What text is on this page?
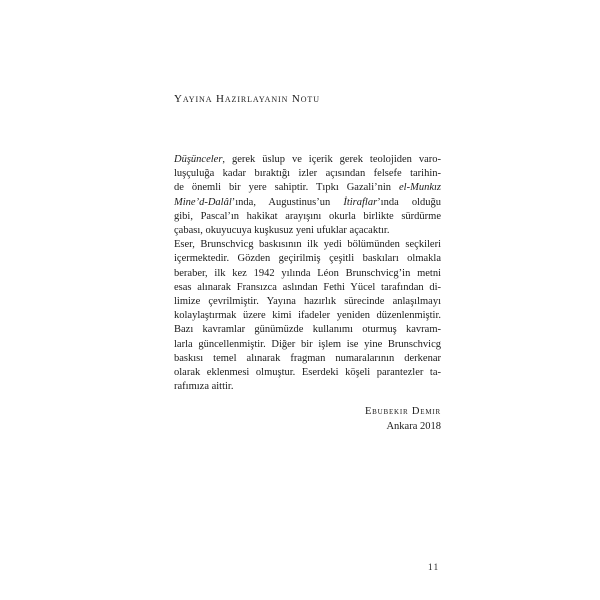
Yayına Hazırlayanın Notu

Düşünceler, gerek üslup ve içerik gerek teolojiden varo-
luşçuluğa kadar bıraktığı izler açısından felsefe tarihin-
de önemli bir yere sahiptir. Tıpkı Gazali’nin el-Munkız
Mine’d-Dalâl’ında, Augustinus’un İtiraflar’ında olduğu
gibi, Pascal’ın hakikat arayışını okurla birlikte sürdürme
çabası, okuyucuya kuşkusuz yeni ufuklar açacaktır.

Eser, Brunschvicg baskısının ilk yedi bölümünden seçkileri
içermektedir. Gözden geçirilmiş çeşitli baskıları olmakla
beraber, ilk kez 1942 yılında Léon Brunschvicg’in metni
esas alınarak Fransızca aslından Fethi Yücel tarafından di-
limize çevrilmiştir. Yayına hazırlık sürecinde anlaşılmayı
kolaylaştırmak üzere kimi ifadeler yeniden düzenlenmiştir.
Bazı kavramlar günümüzde kullanımı oturmuş kavram-
larla güncellenmiştir. Diğer bir işlem ise yine Brunschvicg
baskısı temel alınarak fragman numaralarının derkenar
olarak eklenmesi olmuştur. Eserdeki köşeli parantezler ta-
rafımıza aittir.

Ebubekir Demir
Ankara 2018
11
